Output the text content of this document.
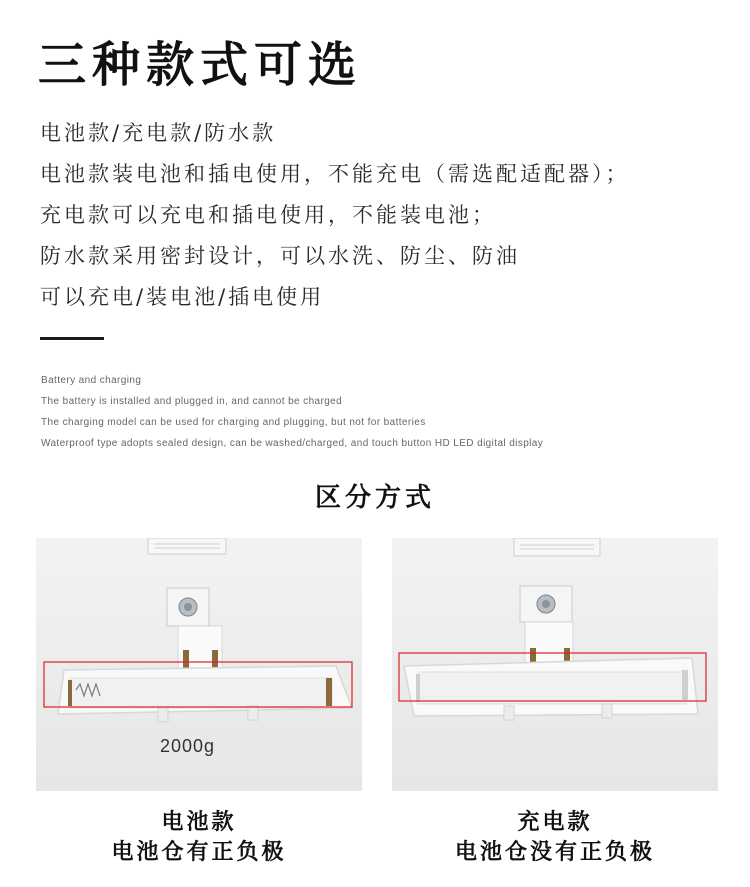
三种款式可选
电池款/充电款/防水款
电池款装电池和插电使用，不能充电（需选配适配器）；
充电款可以充电和插电使用，不能装电池；
防水款采用密封设计，可以水洗、防尘、防油
可以充电/装电池/插电使用
Battery and charging
The battery is installed and plugged in, and cannot be charged
The charging model can be used for charging and plugging, but not for batteries
Waterproof type adopts sealed design, can be washed/charged, and touch button HD LED digital display
区分方式
2000g
电池款
电池仓有正负极
充电款
电池仓没有正负极
